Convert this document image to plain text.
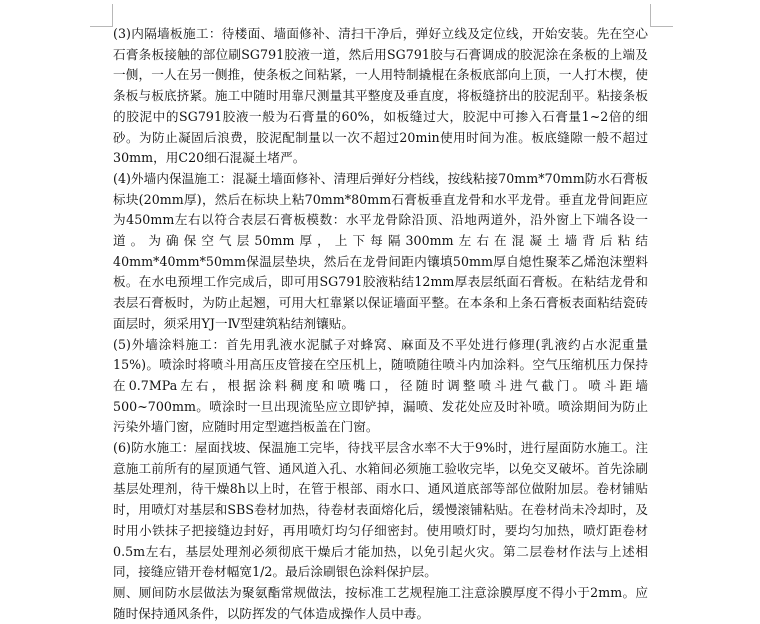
(3)内隔墙板施工：待楼面、墙面修补、清扫干净后，弹好立线及定位线，开始安装。先在空心石膏条板接触的部位刷SG791胶液一道，然后用SG791胶与石膏调成的胶泥涂在条板的上端及一侧，一人在另一侧推，使条板之间粘紧，一人用特制撬棍在条板底部向上顶，一人打木楔，使条板与板底挤紧。施工中随时用靠尺测量其平整度及垂直度，将板缝挤出的胶泥刮平。粘接条板的胶泥中的SG791胶液一般为石膏量的60%，如板缝过大，胶泥中可掺入石膏量1~2倍的细砂。为防止凝固后浪费，胶泥配制量以一次不超过20min使用时间为准。板底缝隙一般不超过30mm，用C20细石混凝土堵严。

(4)外墙内保温施工：混凝土墙面修补、清理后弹好分档线，按线粘接70mm*70mm防水石膏板标块(20mm厚)，然后在标块上粘70mm*80mm石膏板垂直龙骨和水平龙骨。垂直龙骨间距应为450mm左右以符合表层石膏板模数：水平龙骨除沿顶、沿地两道外，沿外窗上下端各设一道。为确保空气层50mm厚，上下每隔300mm左右在混凝土墙背后粘结40mm*40mm*50mm保温层垫块，然后在龙骨间距内镶填50mm厚自熄性聚苯乙烯泡沫塑料板。在水电预埋工作完成后，即可用SG791胶液粘结12mm厚表层纸面石膏板。在粘结龙骨和表层石膏板时，为防止起翘，可用大杠靠紧以保证墙面平整。在本条和上条石膏板表面粘结瓷砖面层时，须采用YJ一Ⅳ型建筑粘结剂镶贴。

(5)外墙涂料施工：首先用乳液水泥腻子对蜂窝、麻面及不平处进行修理(乳液约占水泥重量15%)。喷涂时将喷斗用高压皮管接在空压机上，随喷随往喷斗内加涂料。空气压缩机压力保持在0.7MPa左右，根据涂料稠度和喷嘴口，径随时调整喷斗进气截门。喷斗距墙500~700mm。喷涂时一旦出现流坠应立即铲掉，漏喷、发花处应及时补喷。喷涂期间为防止污染外墙门窗，应随时用定型遮挡板盖在门窗。

(6)防水施工：屋面找坡、保温施工完毕，待找平层含水率不大于9%时，进行屋面防水施工。注意施工前所有的屋顶通气管、通风道入孔、水箱间必须施工验收完毕，以免交叉破坏。首先涂刷基层处理剂，待干燥8h以上时，在管于根部、雨水口、通风道底部等部位做附加层。卷材铺贴时，用喷灯对基层和SBS卷材加热，待卷材表面熔化后，缓慢滚铺粘贴。在卷材尚未冷却时，及时用小铁抹子把接缝边封好，再用喷灯均匀仔细密封。使用喷灯时，要均匀加热，喷灯距卷材0.5m左右，基层处理剂必须彻底干燥后才能加热，以免引起火灾。第二层卷材作法与上述相同，接缝应错开卷材幅宽1/2。最后涂刷银色涂料保护层。

厕、厕间防水层做法为聚氨酯常规做法，按标准工艺规程施工注意涂膜厚度不得小于2mm。应随时保持通风条件，以防挥发的气体造成操作人员中毒。
